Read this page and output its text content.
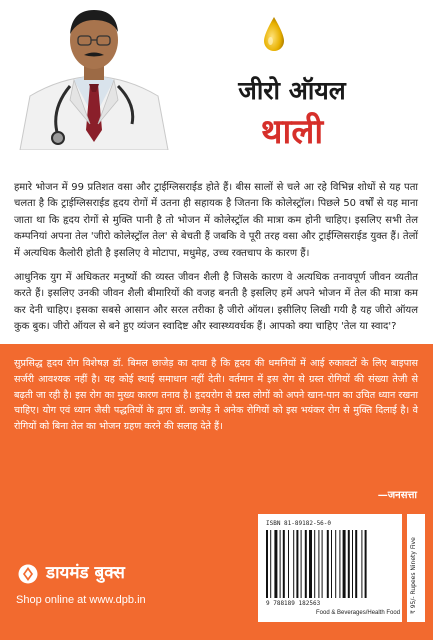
जीरो ऑयल
थाली

हमारे भोजन में 99 प्रतिशत वसा और ट्राईग्लिसराईड होते हैं। बीस सालों से चले आ रहे विभिन्न शोधों से यह पता चलता है कि ट्राईग्लिसराईड हृदय रोगों में उतना ही सहायक है जितना कि कोलेस्ट्रॉल। पिछले 50 वर्षों से यह माना जाता था कि हृदय रोगों से मुक्ति पानी है तो भोजन में कोलेस्ट्रॉल की मात्रा कम होनी चाहिए। इसलिए सभी तेल कम्पनियां अपना तेल 'जीरो कोलेस्ट्रॉल तेल' से बेचती हैं जबकि वे पूरी तरह वसा और ट्राईग्लिसराईड युक्त हैं। तेलों में अत्यधिक कैलोरी होती है इसलिए वे मोटापा, मधुमेह, उच्च रक्तचाप के कारण हैं।

आधुनिक युग में अधिकतर मनुष्यों की व्यस्त जीवन शैली है जिसके कारण वे अत्यधिक तनावपूर्ण जीवन व्यतीत करते हैं। इसलिए उनकी जीवन शैली बीमारियों की वजह बनती है इसलिए हमें अपने भोजन में तेल की मात्रा कम कर देनी चाहिए। इसका सबसे आसान और सरल तरीका है जीरो ऑयल। इसीलिए लिखी गयी है यह जीरो ऑयल कुक बुक। जीरो ऑयल से बने हुए व्यंजन स्वादिष्ट और स्वास्थ्यवर्धक हैं। आपको क्या चाहिए 'तेल या स्वाद'?

सुप्रसिद्ध हृदय रोग विशेषज्ञ डॉ. बिमल छाजेड़ का दावा है कि हृदय की धमनियों में आई रुकावटों के लिए बाइपास सर्जरी आवश्यक नहीं है। यह कोई स्थाई समाधान नहीं देती। वर्तमान में इस रोग से ग्रस्त रोगियों की संख्या तेजी से बढ़ती जा रही है। इस रोग का मुख्य कारण तनाव है। हृदयरोग से ग्रस्त लोगों को अपने खान-पान का उचित ध्यान रखना चाहिए। योग एवं ध्यान जैसी पद्धतियों के द्वारा डॉ. छाजेड़ ने अनेक रोगियों को इस भयंकर रोग से मुक्ति दिलाई है। वे रोगियों को बिना तेल का भोजन ग्रहण करने की सलाह देते हैं।

—जनसत्ता
डायमंड बुक्स
Shop online at www.dpb.in
ISBN 81-89182-56-0
9 788189 182563
Food & Beverages/Health Food ₹ 95/- Rupees Ninety Five
